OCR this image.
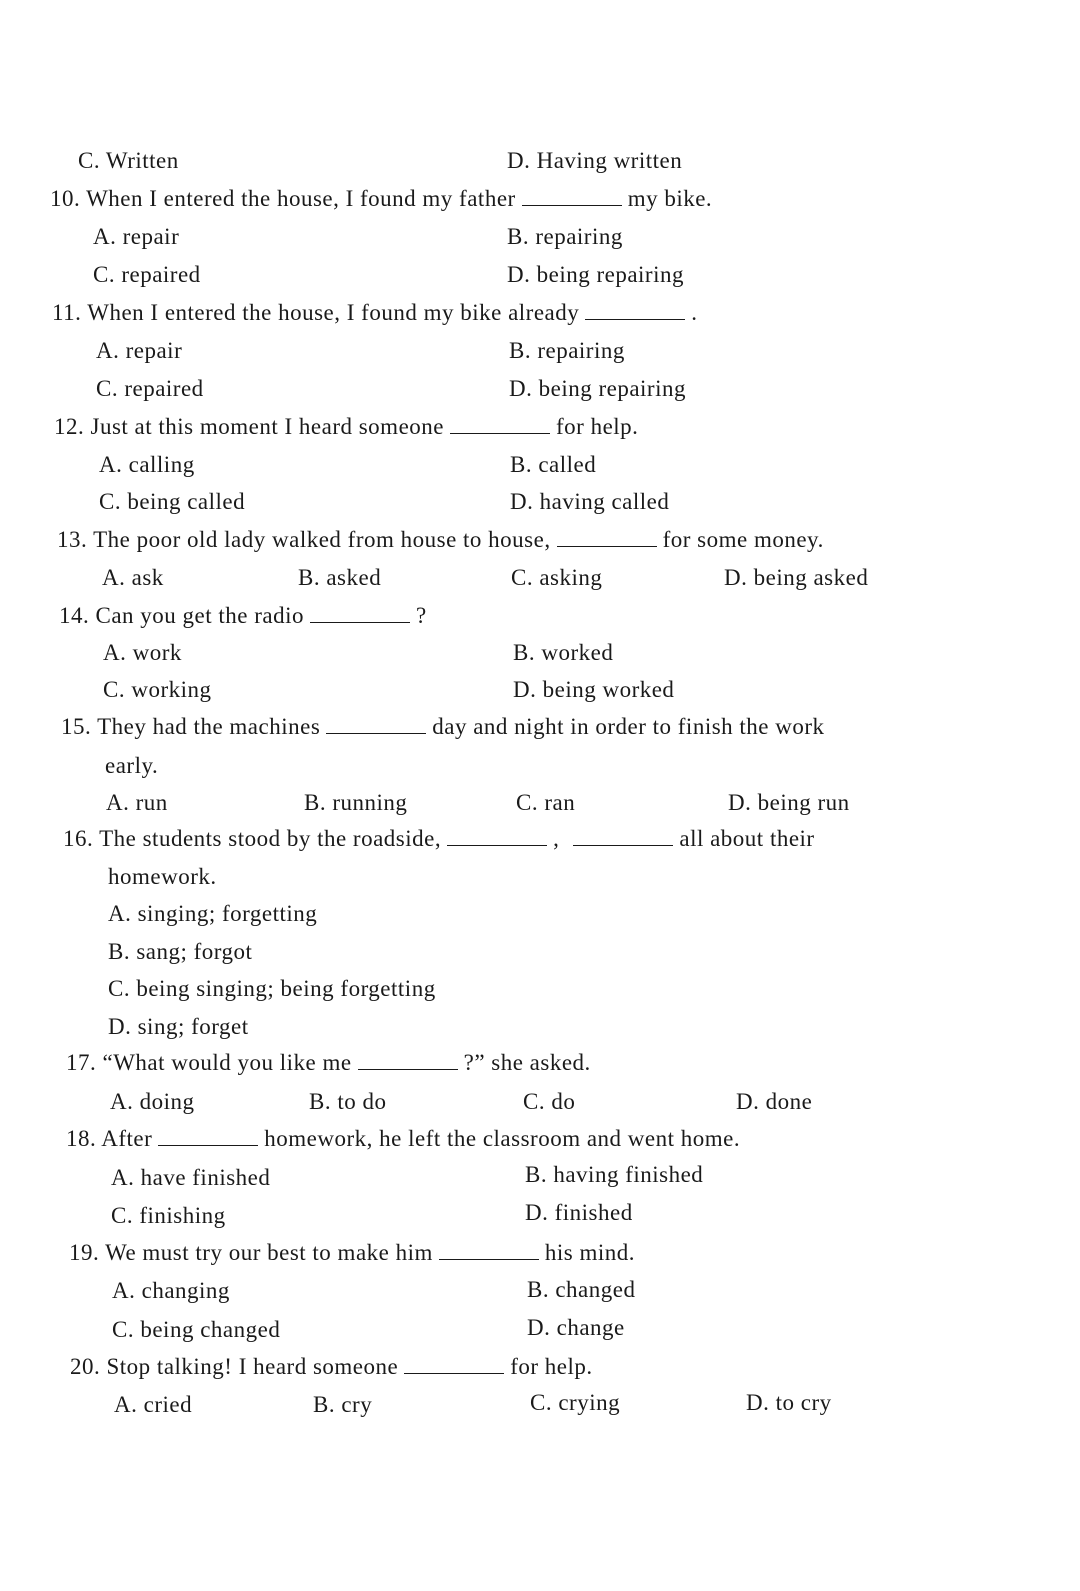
C. Written	D. Having written
10. When I entered the house, I found my father	my bike.
A. repair	B. repairing
C. repaired	D. being repairing
11. When I entered the house, I found my bike already	.
A. repair	B. repairing
C. repaired	D. being repairing
12. Just at this moment I heard someone	for help.
A. calling	B. called
C. being called	D. having called
13. The poor old lady walked from house to house,	for some money.
A. ask	B. asked	C. asking	D. being asked
14. Can you get the radio	?
A. work	B. worked
C. working	D. being worked
15. They had the machines	day and night in order to finish the work
early.
A. run	B. running	C. ran	D. being run
16. The students stood by the roadside,	,	all about their
homework.
A. singing; forgetting
B. sang; forgot
C. being singing; being forgetting
D. sing; forget
17. “What would you like me	?” she asked.
A. doing	B. to do	C. do	D. done
18. After	homework, he left the classroom and went home.
A. have finished	B. having finished
C. finishing	D. finished
19. We must try our best to make him	his mind.
A. changing	B. changed
C. being changed	D. change
20. Stop talking! I heard someone	for help.
A. cried	B. cry	C. crying	D. to cry
